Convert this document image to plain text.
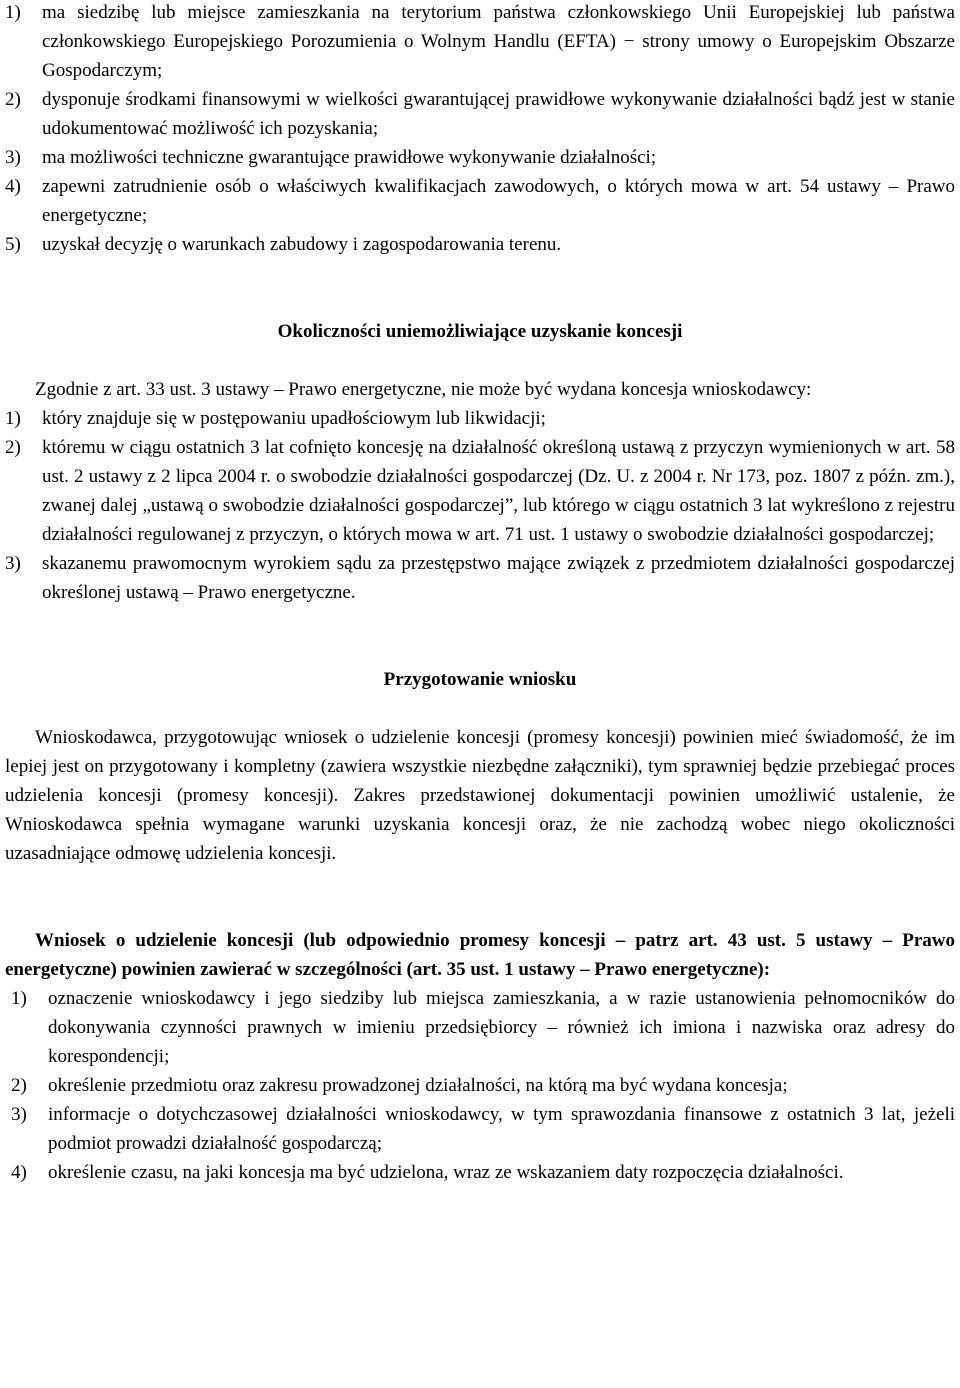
1)	ma siedzibę lub miejsce zamieszkania na terytorium państwa członkowskiego Unii Europejskiej lub państwa członkowskiego Europejskiego Porozumienia o Wolnym Handlu (EFTA) − strony umowy o Europejskim Obszarze Gospodarczym;
2)	dysponuje środkami finansowymi w wielkości gwarantującej prawidłowe wykonywanie działalności bądź jest w stanie udokumentować możliwość ich pozyskania;
3)	ma możliwości techniczne gwarantujące prawidłowe wykonywanie działalności;
4)	zapewni zatrudnienie osób o właściwych kwalifikacjach zawodowych, o których mowa w art. 54 ustawy – Prawo energetyczne;
5)	uzyskał decyzję o warunkach zabudowy i zagospodarowania terenu.
Okoliczności uniemożliwiające uzyskanie koncesji
Zgodnie z art. 33 ust. 3 ustawy – Prawo energetyczne, nie może być wydana koncesja wnioskodawcy:
1)	który znajduje się w postępowaniu upadłościowym lub likwidacji;
2)	któremu w ciągu ostatnich 3 lat cofnięto koncesję na działalność określoną ustawą z przyczyn wymienionych w art. 58 ust. 2 ustawy z 2 lipca 2004 r. o swobodzie działalności gospodarczej (Dz. U. z 2004 r. Nr 173, poz. 1807 z późn. zm.), zwanej dalej „ustawą o swobodzie działalności gospodarczej”, lub którego w ciągu ostatnich 3 lat wykreślono z rejestru działalności regulowanej z przyczyn, o których mowa w art. 71 ust. 1 ustawy o swobodzie działalności gospodarczej;
3)	skazanemu prawomocnym wyrokiem sądu za przestępstwo mające związek z przedmiotem działalności gospodarczej określonej ustawą – Prawo energetyczne.
Przygotowanie wniosku
Wnioskodawca, przygotowując wniosek o udzielenie koncesji (promesy koncesji) powinien mieć świadomość, że im lepiej jest on przygotowany i kompletny (zawiera wszystkie niezbędne załączniki), tym sprawniej będzie przebiegać proces udzielenia koncesji (promesy koncesji). Zakres przedstawionej dokumentacji powinien umożliwić ustalenie, że Wnioskodawca spełnia wymagane warunki uzyskania koncesji oraz, że nie zachodzą wobec niego okoliczności uzasadniające odmowę udzielenia koncesji.
Wniosek o udzielenie koncesji (lub odpowiednio promesy koncesji – patrz art. 43 ust. 5 ustawy – Prawo energetyczne) powinien zawierać w szczególności (art. 35 ust. 1 ustawy – Prawo energetyczne):
1)	oznaczenie wnioskodawcy i jego siedziby lub miejsca zamieszkania, a w razie ustanowienia pełnomocników do dokonywania czynności prawnych w imieniu przedsiębiorcy – również ich imiona i nazwiska oraz adresy do korespondencji;
2)	określenie przedmiotu oraz zakresu prowadzonej działalności, na którą ma być wydana koncesja;
3)	informacje o dotychczasowej działalności wnioskodawcy, w tym sprawozdania finansowe z ostatnich 3 lat, jeżeli podmiot prowadzi działalność gospodarczą;
4)	określenie czasu, na jaki koncesja ma być udzielona, wraz ze wskazaniem daty rozpoczęcia działalności.
